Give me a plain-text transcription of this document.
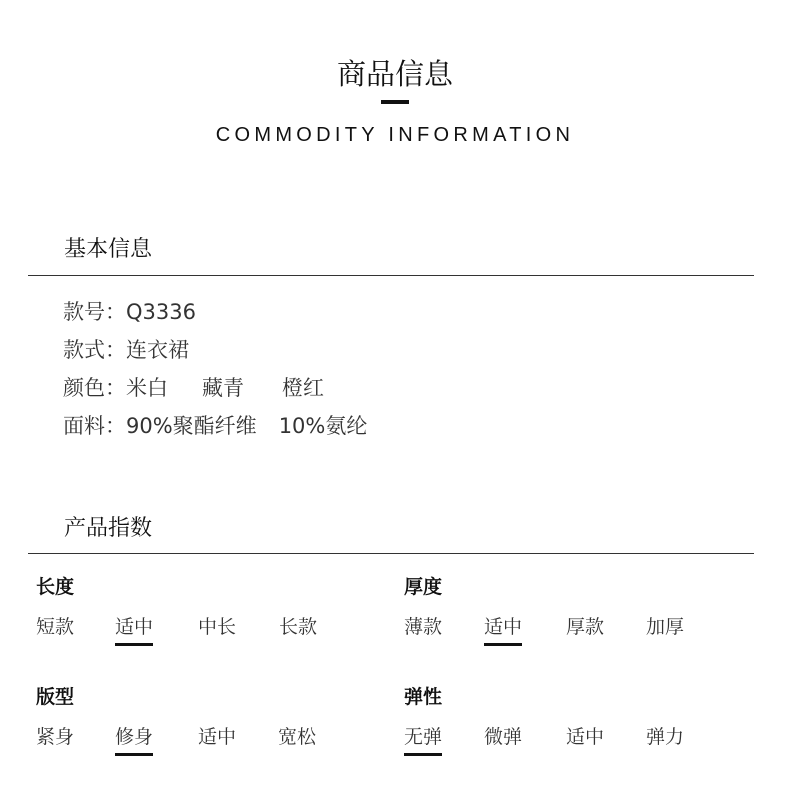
商品信息
COMMODITY INFORMATION
基本信息
款号：Q3336
款式：连衣裙
颜色：米白 藏青 橙红
面料：90%聚酯纤维 10%氨纶
产品指数
长度
短款 适中 中长 长款
厚度
薄款 适中 厚款 加厚
版型
紧身 修身 适中 宽松
弹性
无弹 微弹 适中 弹力
